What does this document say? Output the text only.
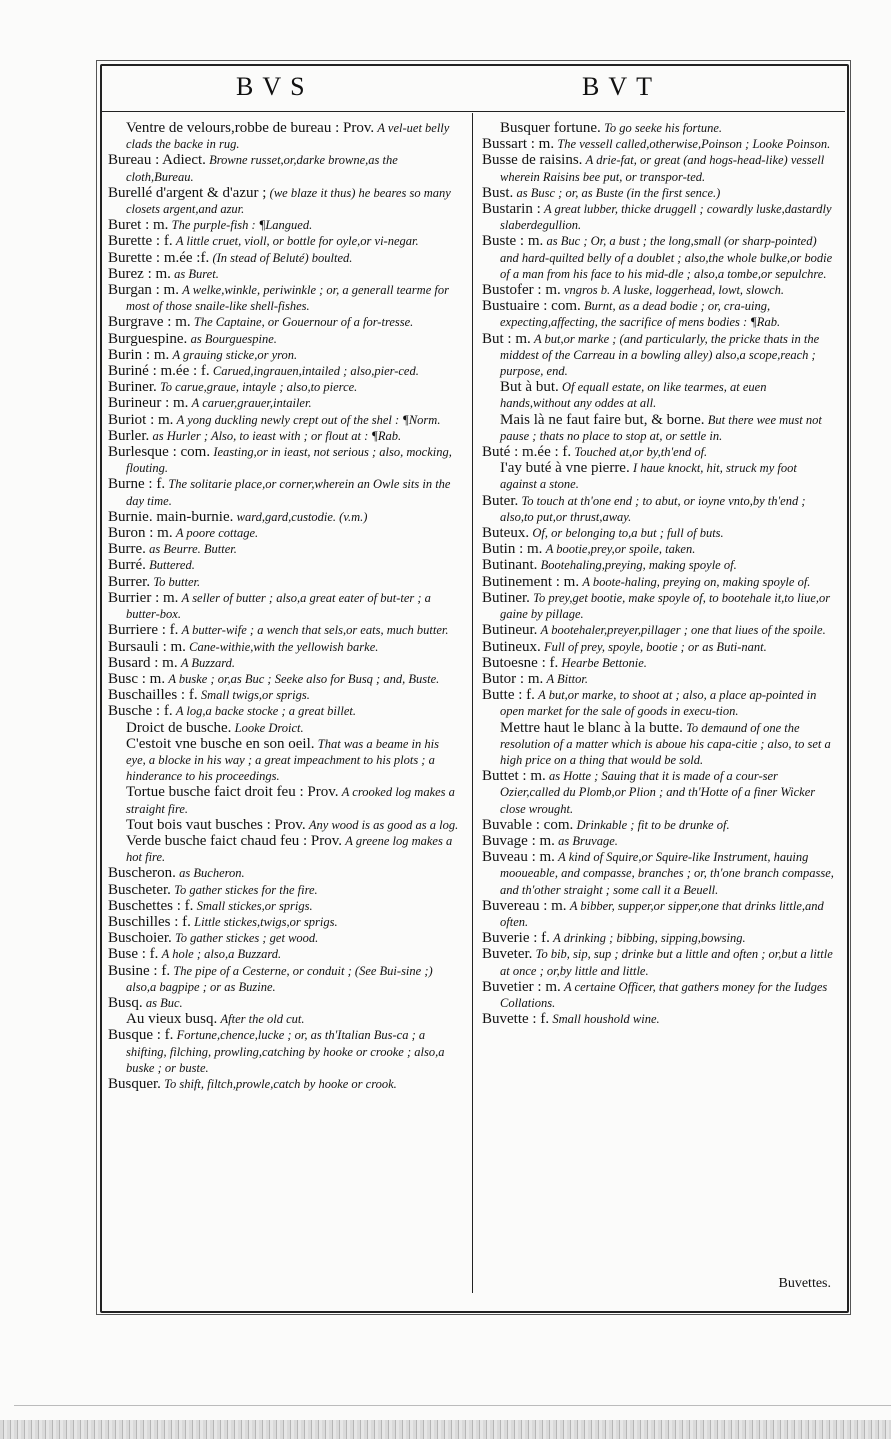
BVS	BVT

Ventre de velours,robbe de bureau : Prov. A vel-uet belly clads the backe in rug.

Bureau : Adiect. Browne russet,or,darke browne,as the cloth,Bureau.

Burellé d'argent & d'azur ; (we blaze it thus) he beares so many closets argent,and azur.

Buret : m. The purple-fish : ¶Langued.

Burette : f. A little cruet, violl, or bottle for oyle,or vi-negar.

Burette : m.ée :f. (In stead of Beluté) boulted.

Burez : m. as Buret.

Burgan : m. A welke,winkle, periwinkle ; or, a generall tearme for most of those snaile-like shell-fishes.

Burgrave : m. The Captaine, or Gouernour of a for-tresse.

Burguespine. as Bourguespine.

Burin : m. A grauing sticke,or yron.

Buriné : m.ée : f. Carued,ingrauen,intailed ; also,pier-ced.

Buriner. To carue,graue, intayle ; also,to pierce.

Burineur : m. A caruer,grauer,intailer.

Buriot : m. A yong duckling newly crept out of the shel : ¶Norm.

Burler. as Hurler ; Also, to ieast with ; or flout at : ¶Rab.

Burlesque : com. Ieasting,or in ieast, not serious ; also, mocking, flouting.

Burne : f. The solitarie place,or corner,wherein an Owle sits in the day time.

Burnie. main-burnie. ward,gard,custodie. (v.m.)

Buron : m. A poore cottage.

Burre. as Beurre. Butter.

Burré. Buttered.

Burrer. To butter.

Burrier : m. A seller of butter ; also,a great eater of but-ter ; a butter-box.

Burriere : f. A butter-wife ; a wench that sels,or eats, much butter.

Bursauli : m. Cane-withie,with the yellowish barke.

Busard : m. A Buzzard.

Busc : m. A buske ; or,as Buc ; Seeke also for Busq ; and, Buste.

Buschailles : f. Small twigs,or sprigs.

Busche : f. A log,a backe stocke ; a great billet.

Droict de busche. Looke Droict.

C'estoit vne busche en son oeil. That was a beame in his eye, a blocke in his way ; a great impeachment to his plots ; a hinderance to his proceedings.

Tortue busche faict droit feu : Prov. A crooked log makes a straight fire.

Tout bois vaut busches : Prov. Any wood is as good as a log.

Verde busche faict chaud feu : Prov. A greene log makes a hot fire.

Buscheron. as Bucheron.

Buscheter. To gather stickes for the fire.

Buschettes : f. Small stickes,or sprigs.

Buschilles : f. Little stickes,twigs,or sprigs.

Buschoier. To gather stickes ; get wood.

Buse : f. A hole ; also,a Buzzard.

Busine : f. The pipe of a Cesterne, or conduit ; (See Bui-sine ;) also,a bagpipe ; or as Buzine.

Busq. as Buc.

Au vieux busq. After the old cut.

Busque : f. Fortune,chence,lucke ; or, as th'Italian Bus-ca ; a shifting, filching, prowling,catching by hooke or crooke ; also,a buske ; or buste.

Busquer. To shift, filtch,prowle,catch by hooke or crook.

Busquer fortune. To go seeke his fortune.

Bussart : m. The vessell called,otherwise,Poinson ; Looke Poinson.

Busse de raisins. A drie-fat, or great (and hogs-head-like) vessell wherein Raisins bee put, or transpor-ted.

Bust. as Busc ; or, as Buste (in the first sence.)

Bustarin : A great lubber, thicke druggell ; cowardly luske,dastardly slaberdegullion.

Buste : m. as Buc ; Or, a bust ; the long,small (or sharp-pointed) and hard-quilted belly of a doublet ; also,the whole bulke,or bodie of a man from his face to his mid-dle ; also,a tombe,or sepulchre.

Bustofer : m. vngros b. A luske, loggerhead, lowt, slowch.

Bustuaire : com. Burnt, as a dead bodie ; or, cra-uing, expecting,affecting, the sacrifice of mens bodies : ¶Rab.

But : m. A but,or marke ; (and particularly, the pricke thats in the middest of the Carreau in a bowling alley) also,a scope,reach ; purpose, end.

But à but. Of equall estate, on like tearmes, at euen hands,without any oddes at all.

Mais là ne faut faire but, & borne. But there wee must not pause ; thats no place to stop at, or settle in.

Buté : m.ée : f. Touched at,or by,th'end of.

I'ay buté à vne pierre. I haue knockt, hit, struck my foot against a stone.

Buter. To touch at th'one end ; to abut, or ioyne vnto,by th'end ; also,to put,or thrust,away.

Buteux. Of, or belonging to,a but ; full of buts.

Butin : m. A bootie,prey,or spoile, taken.

Butinant. Bootehaling,preying, making spoyle of.

Butinement : m. A boote-haling, preying on, making spoyle of.

Butiner. To prey,get bootie, make spoyle of, to bootehale it,to liue,or gaine by pillage.

Butineur. A bootehaler,preyer,pillager ; one that liues of the spoile.

Butineux. Full of prey, spoyle, bootie ; or as Buti-nant.

Butoesne : f. Hearbe Bettonie.

Butor : m. A Bittor.

Butte : f. A but,or marke, to shoot at ; also, a place ap-pointed in open market for the sale of goods in execu-tion.

Mettre haut le blanc à la butte. To demaund of one the resolution of a matter which is aboue his capa-citie ; also, to set a high price on a thing that would be sold.

Buttet : m. as Hotte ; Sauing that it is made of a cour-ser Ozier,called du Plomb,or Plion ; and th'Hotte of a finer Wicker close wrought.

Buvable : com. Drinkable ; fit to be drunke of.

Buvage : m. as Bruvage.

Buveau : m. A kind of Squire,or Squire-like Instrument, hauing mooueable, and compasse, branches ; or, th'one branch compasse, and th'other straight ; some call it a Beuell.

Buvereau : m. A bibber, supper,or sipper,one that drinks little,and often.

Buverie : f. A drinking ; bibbing, sipping,bowsing.

Buveter. To bib, sip, sup ; drinke but a little and often ; or,but a little at once ; or,by little and little.

Buvetier : m. A certaine Officer, that gathers money for the Iudges Collations.

Buvette : f. Small houshold wine.

Buvettes.
